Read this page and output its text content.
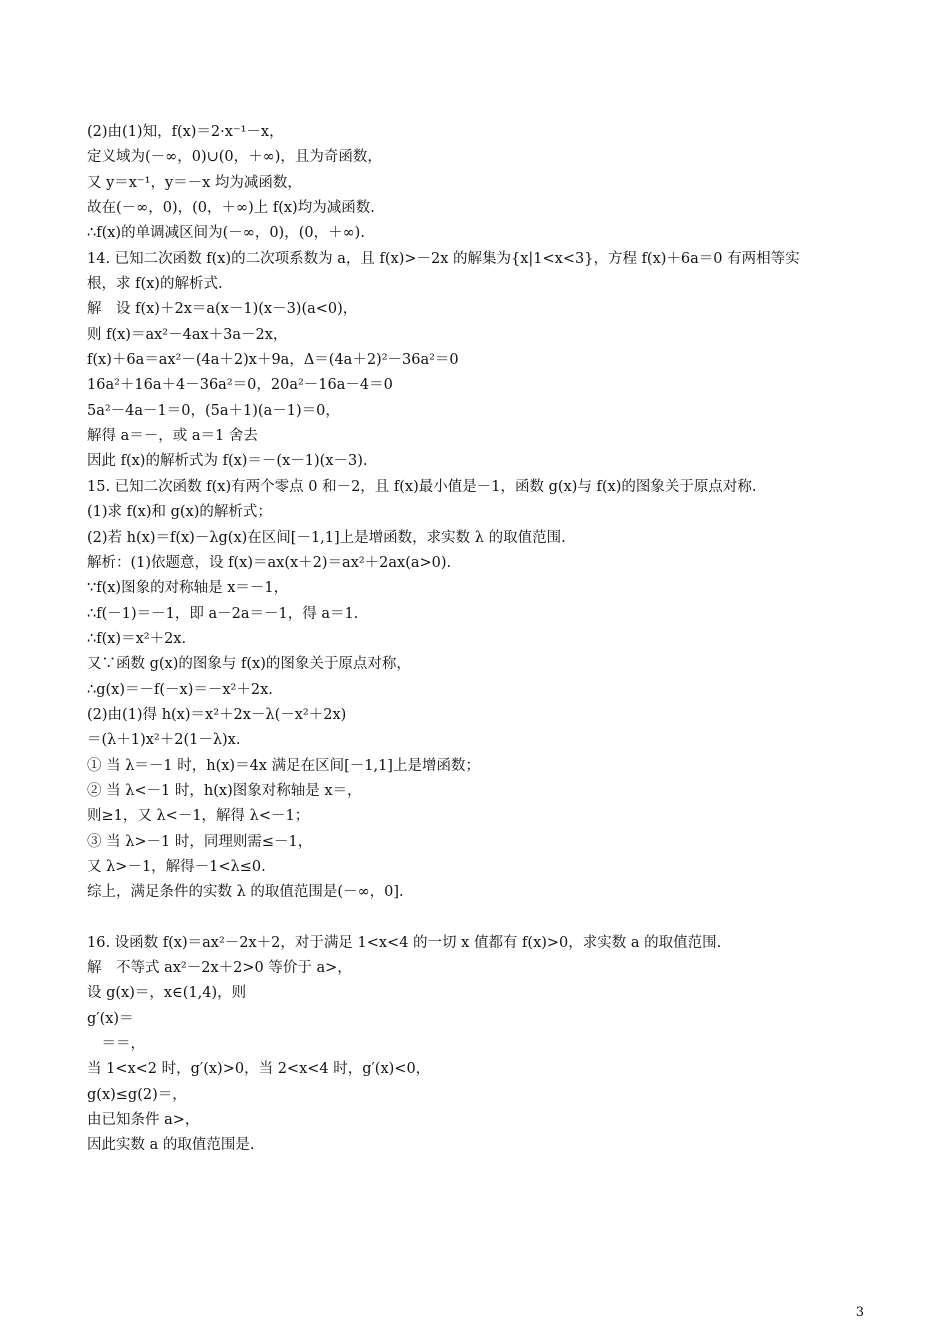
(2)由(1)知，f(x)＝2·x⁻¹－x，
定义域为(－∞，0)∪(0，＋∞)，且为奇函数，
又 y＝x⁻¹，y＝－x 均为减函数，
故在(－∞，0)，(0，＋∞)上 f(x)均为减函数.
∴f(x)的单调减区间为(－∞，0)，(0，＋∞).
14. 已知二次函数 f(x)的二次项系数为 a，且 f(x)>－2x 的解集为{x|1<x<3}，方程 f(x)＋6a＝0 有两相等实
根，求 f(x)的解析式.
解　设 f(x)＋2x＝a(x－1)(x－3)(a<0)，
则 f(x)＝ax²－4ax＋3a－2x，
f(x)＋6a＝ax²－(4a＋2)x＋9a，Δ＝(4a＋2)²－36a²＝0
16a²＋16a＋4－36a²＝0，20a²－16a－4＝0
5a²－4a－1＝0，(5a＋1)(a－1)＝0，
解得 a＝－，或 a＝1 舍去
因此 f(x)的解析式为 f(x)＝－(x－1)(x－3).
15. 已知二次函数 f(x)有两个零点 0 和－2，且 f(x)最小值是－1，函数 g(x)与 f(x)的图象关于原点对称.
(1)求 f(x)和 g(x)的解析式；
(2)若 h(x)＝f(x)－λg(x)在区间[－1,1]上是增函数，求实数 λ 的取值范围.
解析：(1)依题意，设 f(x)＝ax(x＋2)＝ax²＋2ax(a>0).
∵f(x)图象的对称轴是 x＝－1，
∴f(－1)＝－1，即 a－2a＝－1，得 a＝1.
∴f(x)＝x²＋2x.
又∵函数 g(x)的图象与 f(x)的图象关于原点对称，
∴g(x)＝－f(－x)＝－x²＋2x.
(2)由(1)得 h(x)＝x²＋2x－λ(－x²＋2x)
＝(λ＋1)x²＋2(1－λ)x.
① 当 λ＝－1 时，h(x)＝4x 满足在区间[－1,1]上是增函数；
② 当 λ<－1 时，h(x)图象对称轴是 x＝，
则≥1，又 λ<－1，解得 λ<－1；
③ 当 λ>－1 时，同理则需≤－1，
又 λ>－1，解得－1<λ≤0.
综上，满足条件的实数 λ 的取值范围是(－∞，0].
16. 设函数 f(x)＝ax²－2x＋2，对于满足 1<x<4 的一切 x 值都有 f(x)>0，求实数 a 的取值范围.
解　不等式 ax²－2x＋2>0 等价于 a>，
设 g(x)＝，x∈(1,4)，则
g′(x)＝
　＝＝，
当 1<x<2 时，g′(x)>0，当 2<x<4 时，g′(x)<0，
g(x)≤g(2)＝，
由已知条件 a>，
因此实数 a 的取值范围是.
3
